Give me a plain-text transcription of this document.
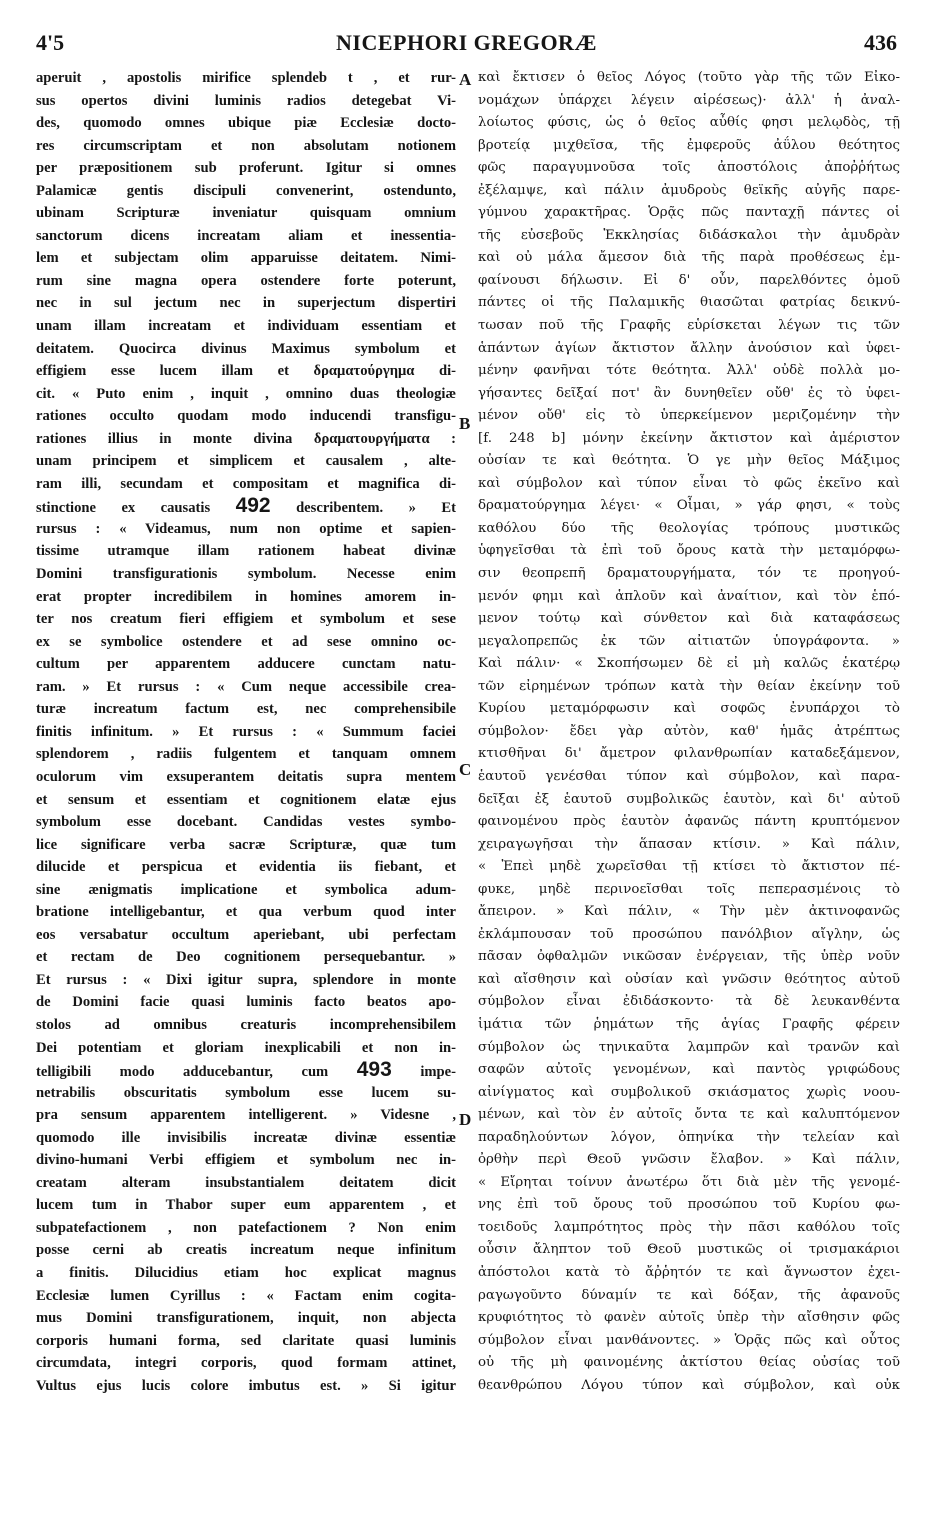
4'5	NICEPHORI GREGORÆ	436
aperuit , apostolis mirifice splendeb t , et rur-
sus opertos divini luminis radios detegebat Vi-
des, quomodo omnes ubique piæ Ecclesiæ docto-
res circumscriptam et non absolutam notionem
per præpositionem sub proferunt. Igitur si omnes
Palamicæ gentis discipuli convenerint, ostendunto,
ubinam Scripturæ inveniatur quisquam omnium
sanctorum dicens increatam aliam et inessentia-
lem et subjectam olim apparuisse deitatem. Nimi-
rum sine magna opera ostendere forte poterunt,
nec in sul jectum nec in superjectum dispertiri
unam illam increatam et individuam essentiam et
deitatem. Quocirca divinus Maximus symbolum et
effigiem esse lucem illam et δραματούργημα di-
cit. « Puto enim , inquit , omnino duas theologiæ
rationes occulto quodam modo inducendi transfigu-
rationes illius in monte divina δραματουργήματα :
unam principem et simplicem et causalem , alte-
ram illi, secundam et compositam et magnifica di-
stinctione ex causatis 492 describentem. » Et
rursus : « Videamus, num non optime et sapien-
tissime utramque illam rationem habeat divinæ
Domini transfigurationis symbolum. Necesse enim
erat propter incredibilem in homines amorem in-
ter nos creatum fieri effigiem et symbolum et sese
ex se symbolice ostendere et ad sese omnino oc-
cultum per apparentem adducere cunctam natu-
ram. » Et rursus : « Cum neque accessibile crea-
turæ increatum factum est, nec comprehensibile
finitis infinitum. » Et rursus : « Summum faciei
splendorem , radiis fulgentem et tanquam omnem
oculorum vim exsuperantem deitatis supra mentem
et sensum et essentiam et cognitionem elatæ ejus
symbolum esse docebant. Candidas vestes symbo-
lice significare verba sacræ Scripturæ, quæ tum
dilucide et perspicua et evidentia iis fiebant, et
sine ænigmatis implicatione et symbolica adum-
bratione intelligebantur, et qua verbum quod inter
eos versabatur occultum aperiebant, ubi perfectam
et rectam de Deo cognitionem persequebantur. »
Et rursus : « Dixi igitur supra, splendore in monte
de Domini facie quasi luminis facto beatos apo-
stolos ad omnibus creaturis incomprehensibilem
Dei potentiam et gloriam inexplicabili et non in-
telligibili modo adducebantur, cum 493 impe-
netrabilis obscuritatis symbolum esse lucem su-
pra sensum apparentem intelligerent. » Videsne ,
quomodo ille invisibilis increatæ divinæ essentiæ
divino-humani Verbi effigiem et symbolum nec in-
creatam alteram insubstantialem deitatem dicit
lucem tum in Thabor super eum apparentem , et
subpatefactionem , non patefactionem ? Non enim
posse cerni ab creatis increatum neque infinitum
a finitis. Dilucidius etiam hoc explicat magnus
Ecclesiæ lumen Cyrillus : « Factam enim cogita-
mus Domini transfigurationem, inquit, non abjecta
corporis humani forma, sed claritate quasi luminis
circumdata, integri corporis, quod formam attinet,
Vultus ejus lucis colore imbutus est. » Si igitur
καὶ ἔκτισεν ὁ θεῖος Λόγος (τοῦτο γὰρ τῆς τῶν Εἰκο-
νομάχων ὑπάρχει λέγειν αἱρέσεως)· ἀλλ' ἡ ἀναλ-
λοίωτος φύσις, ὡς ὁ θεῖος αὖθίς φησι μελῳδὸς, τῇ
βροτείᾳ μιχθεῖσα, τῆς ἐμφεροῦς ἀΰλου θεότητος
φῶς παραγυμνοῦσα τοῖς ἀποστόλοις ἀποῤῥήτως
ἐξέλαμψε, καὶ πάλιν ἀμυδροὺς θεϊκῆς αὐγῆς παρε-
γύμνου χαρακτῆρας. Ὁρᾷς πῶς πανταχῇ πάντες οἱ
τῆς εὐσεβοῦς Ἐκκλησίας διδάσκαλοι τὴν ἀμυδρὰν
καὶ οὐ μάλα ἄμεσον διὰ τῆς παρὰ προθέσεως ἐμ-
φαίνουσι δήλωσιν. Εἰ δ' οὖν, παρελθόντες ὁμοῦ
πάντες οἱ τῆς Παλαμικῆς θιασῶται φατρίας δεικνύ-
τωσαν ποῦ τῆς Γραφῆς εὑρίσκεται λέγων τις τῶν
ἁπάντων ἁγίων ἄκτιστον ἄλλην ἀνούσιον καὶ ὑφει-
μένην φανῆναι τότε θεότητα. Ἀλλ' οὐδὲ πολλὰ μο-
γήσαντες δεῖξαί ποτ' ἂν δυνηθεῖεν οὔθ' ἐς τὸ ὑφει-
μένον οὔθ' εἰς τὸ ὑπερκείμενον μεριζομένην τὴν
[f. 248 b] μόνην ἐκείνην ἄκτιστον καὶ ἀμέριστον
οὐσίαν τε καὶ θεότητα. Ὁ γε μὴν θεῖος Μάξιμος
καὶ σύμβολον καὶ τύπον εἶναι τὸ φῶς ἐκεῖνο καὶ
δραματούργημα λέγει· « Οἶμαι, » γάρ φησι, « τοὺς
καθόλου δύο τῆς θεολογίας τρόπους μυστικῶς
ὑφηγεῖσθαι τὰ ἐπὶ τοῦ ὄρους κατὰ τὴν μεταμόρφω-
σιν θεοπρεπῆ δραματουργήματα, τόν τε προηγού-
μενόν φημι καὶ ἁπλοῦν καὶ ἀναίτιον, καὶ τὸν ἑπό-
μενον τούτῳ καὶ σύνθετον καὶ διὰ καταφάσεως
μεγαλοπρεπῶς ἐκ τῶν αἰτιατῶν ὑπογράφοντα. »
Καὶ πάλιν· « Σκοπήσωμεν δὲ εἰ μὴ καλῶς ἑκατέρῳ
τῶν εἰρημένων τρόπων κατὰ τὴν θείαν ἐκείνην τοῦ
Κυρίου μεταμόρφωσιν καὶ σοφῶς ἐνυπάρχοι τὸ
σύμβολον· ἔδει γὰρ αὐτὸν, καθ' ἡμᾶς ἀτρέπτως
κτισθῆναι δι' ἄμετρον φιλανθρωπίαν καταδεξάμενον,
ἑαυτοῦ γενέσθαι τύπον καὶ σύμβολον, καὶ παρα-
δεῖξαι ἐξ ἑαυτοῦ συμβολικῶς ἑαυτὸν, καὶ δι' αὐτοῦ
φαινομένου πρὸς ἑαυτὸν ἀφανῶς πάντη κρυπτόμενον
χειραγωγῆσαι τὴν ἅπασαν κτίσιν. » Καὶ πάλιν,
« Ἐπεὶ μηδὲ χωρεῖσθαι τῇ κτίσει τὸ ἄκτιστον πέ-
φυκε, μηδὲ περινοεῖσθαι τοῖς πεπερασμένοις τὸ
ἄπειρον. » Καὶ πάλιν, « Τὴν μὲν ἀκτινοφανῶς
ἐκλάμπουσαν τοῦ προσώπου πανόλβιον αἴγλην, ὡς
πᾶσαν ὀφθαλμῶν νικῶσαν ἐνέργειαν, τῆς ὑπὲρ νοῦν
καὶ αἴσθησιν καὶ οὐσίαν καὶ γνῶσιν θεότητος αὐτοῦ
σύμβολον εἶναι ἐδιδάσκοντο· τὰ δὲ λευκανθέντα
ἱμάτια τῶν ῥημάτων τῆς ἁγίας Γραφῆς φέρειν
σύμβολον ὡς τηνικαῦτα λαμπρῶν καὶ τρανῶν καὶ
σαφῶν αὐτοῖς γενομένων, καὶ παντὸς γριφώδους
αἰνίγματος καὶ συμβολικοῦ σκιάσματος χωρὶς νοου-
μένων, καὶ τὸν ἐν αὐτοῖς ὄντα τε καὶ καλυπτόμενον
παραδηλούντων λόγον, ὁπηνίκα τὴν τελείαν καὶ
ὀρθὴν περὶ Θεοῦ γνῶσιν ἔλαβον. » Καὶ πάλιν,
« Εἴρηται τοίνυν ἀνωτέρω ὅτι διὰ μὲν τῆς γενομέ-
νης ἐπὶ τοῦ ὄρους τοῦ προσώπου τοῦ Κυρίου φω-
τοειδοῦς λαμπρότητος πρὸς τὴν πᾶσι καθόλου τοῖς
οὖσιν ἄληπτον τοῦ Θεοῦ μυστικῶς οἱ τρισμακάριοι
ἀπόστολοι κατὰ τὸ ἄῤῥητόν τε καὶ ἄγνωστον ἐχει-
ραγωγοῦντο δύναμίν τε καὶ δόξαν, τῆς ἀφανοῦς
κρυφιότητος τὸ φανὲν αὐτοῖς ὑπὲρ τὴν αἴσθησιν φῶς
σύμβολον εἶναι μανθάνοντες. » Ὁρᾷς πῶς καὶ οὗτος
οὐ τῆς μὴ φαινομένης ἀκτίστου θείας οὐσίας τοῦ
θεανθρώπου Λόγου τύπον καὶ σύμβολον, καὶ οὐκ
A
B
C
D
